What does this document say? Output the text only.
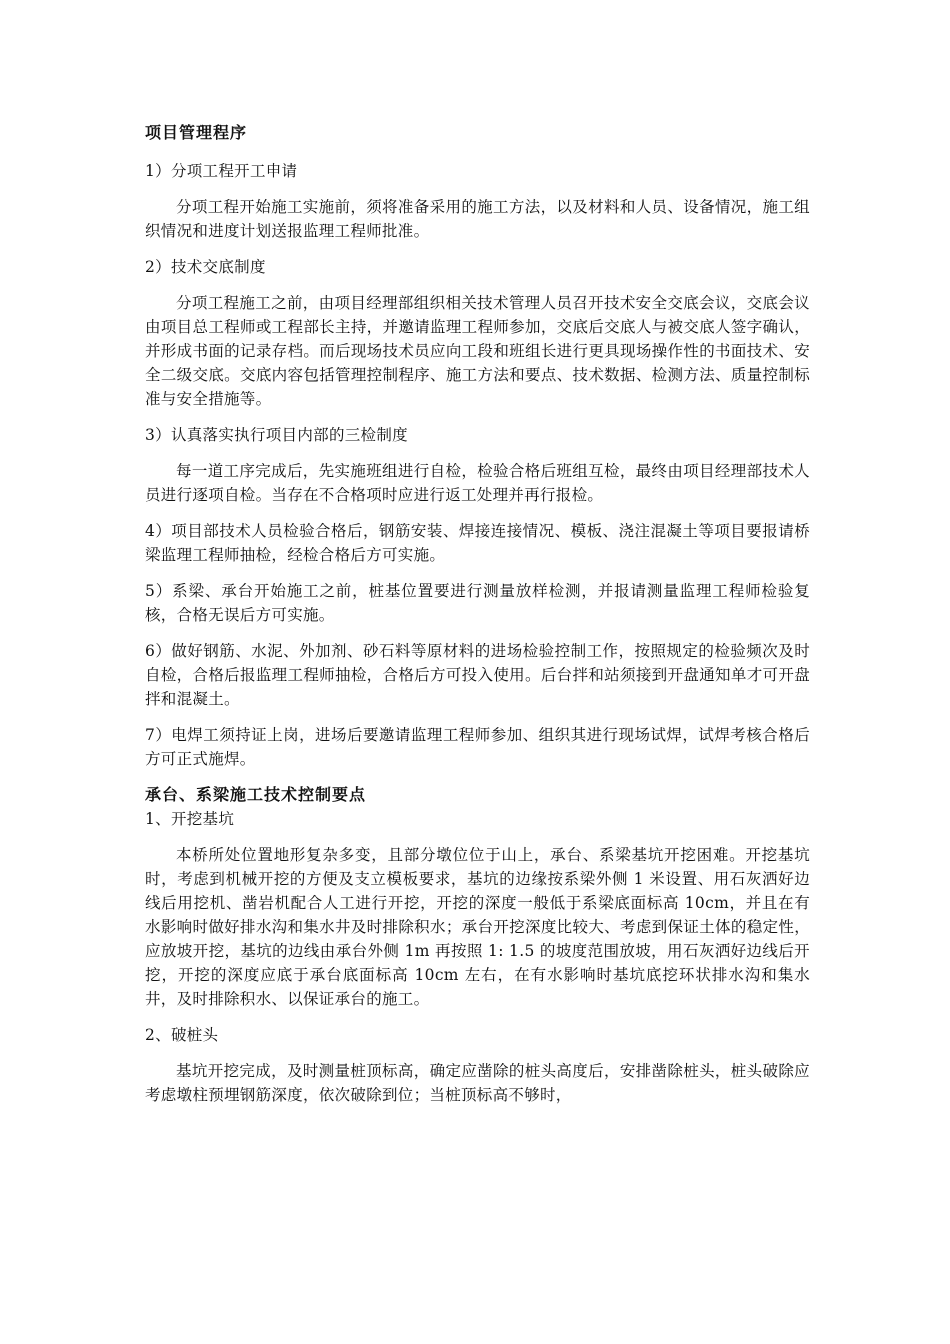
项目管理程序

1）分项工程开工申请

分项工程开始施工实施前，须将准备采用的施工方法，以及材料和人员、设备情况，施工组织情况和进度计划送报监理工程师批准。

2）技术交底制度

分项工程施工之前，由项目经理部组织相关技术管理人员召开技术安全交底会议，交底会议由项目总工程师或工程部长主持，并邀请监理工程师参加，交底后交底人与被交底人签字确认，并形成书面的记录存档。而后现场技术员应向工段和班组长进行更具现场操作性的书面技术、安全二级交底。交底内容包括管理控制程序、施工方法和要点、技术数据、检测方法、质量控制标准与安全措施等。

3）认真落实执行项目内部的三检制度

每一道工序完成后，先实施班组进行自检，检验合格后班组互检，最终由项目经理部技术人员进行逐项自检。当存在不合格项时应进行返工处理并再行报检。

4）项目部技术人员检验合格后，钢筋安装、焊接连接情况、模板、浇注混凝土等项目要报请桥梁监理工程师抽检，经检合格后方可实施。

5）系梁、承台开始施工之前，桩基位置要进行测量放样检测，并报请测量监理工程师检验复核，合格无误后方可实施。

6）做好钢筋、水泥、外加剂、砂石料等原材料的进场检验控制工作，按照规定的检验频次及时自检，合格后报监理工程师抽检，合格后方可投入使用。后台拌和站须接到开盘通知单才可开盘拌和混凝土。

7）电焊工须持证上岗，进场后要邀请监理工程师参加、组织其进行现场试焊，试焊考核合格后方可正式施焊。

承台、系梁施工技术控制要点

1、开挖基坑

本桥所处位置地形复杂多变，且部分墩位位于山上，承台、系梁基坑开挖困难。开挖基坑时，考虑到机械开挖的方便及支立模板要求，基坑的边缘按系梁外侧 1 米设置、用石灰洒好边线后用挖机、凿岩机配合人工进行开挖，开挖的深度一般低于系梁底面标高 10cm，并且在有水影响时做好排水沟和集水井及时排除积水；承台开挖深度比较大、考虑到保证土体的稳定性，应放坡开挖，基坑的边线由承台外侧 1m 再按照 1: 1.5 的坡度范围放坡，用石灰洒好边线后开挖，开挖的深度应底于承台底面标高 10cm 左右，在有水影响时基坑底挖环状排水沟和集水井，及时排除积水、以保证承台的施工。

2、破桩头

基坑开挖完成，及时测量桩顶标高，确定应凿除的桩头高度后，安排凿除桩头，桩头破除应考虑墩柱预埋钢筋深度，依次破除到位；当桩顶标高不够时，
